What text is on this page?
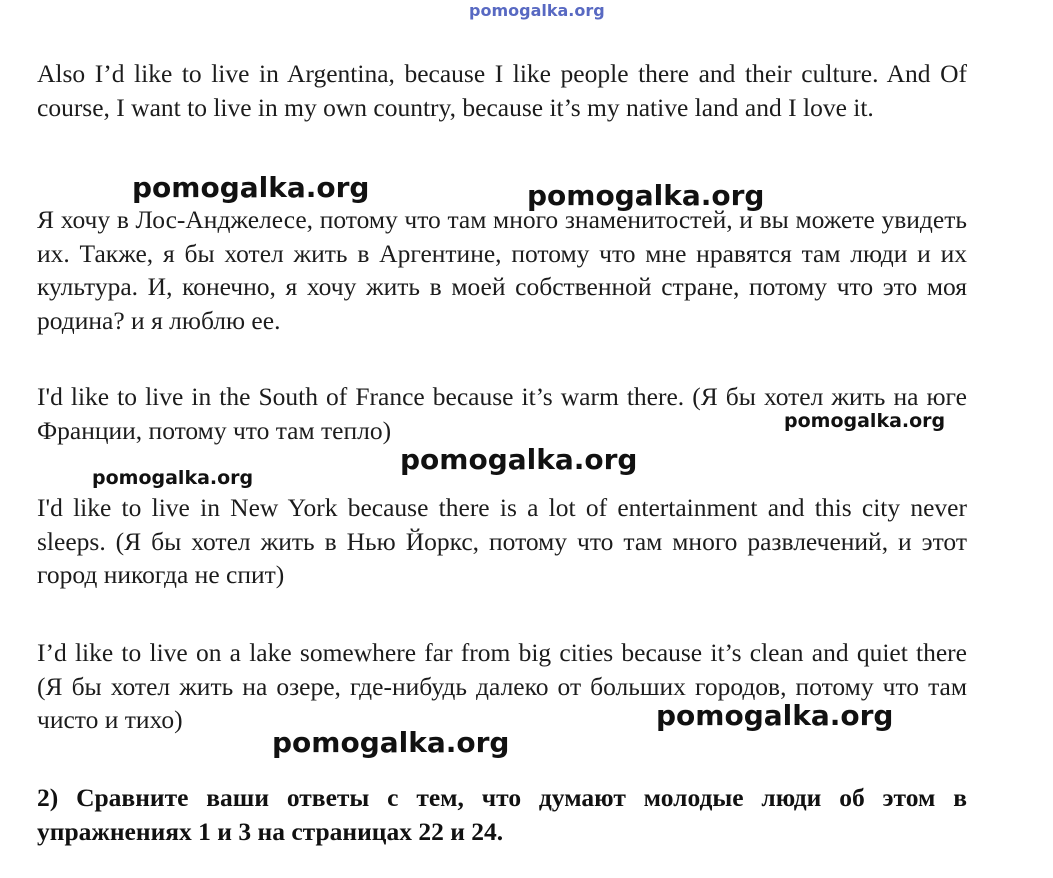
pomogalka.org

Also I’d like to live in Argentina, because I like people there and their culture. And Of course, I want to live in my own country, because it’s my native land and I love it.

pomogalka.org	pomogalka.org

Я хочу в Лос-Анджелесе, потому что там много знаменитостей, и вы можете увидеть их. Также, я бы хотел жить в Аргентине, потому что мне нравятся там люди и их культура. И, конечно, я хочу жить в моей собственной стране, потому что это моя родина? и я люблю ее.

I'd like to live in the South of France because it’s warm there. (Я бы хотел жить на юге Франции, потому что там тепло)	pomogalka.org
pomogalka.org
pomogalka.org

I'd like to live in New York because there is a lot of entertainment and this city never sleeps. (Я бы хотел жить в Нью Йоркс, потому что там много развлечений, и этот город никогда не спит)

I’d like to live on a lake somewhere far from big cities because it’s clean and quiet there (Я бы хотел жить на озере, где-нибудь далеко от больших городов, потому что там чисто и тихо)	pomogalka.org
pomogalka.org

2) Сравните ваши ответы с тем, что думают молодые люди об этом в упражнениях 1 и 3 на страницах 22 и 24.
